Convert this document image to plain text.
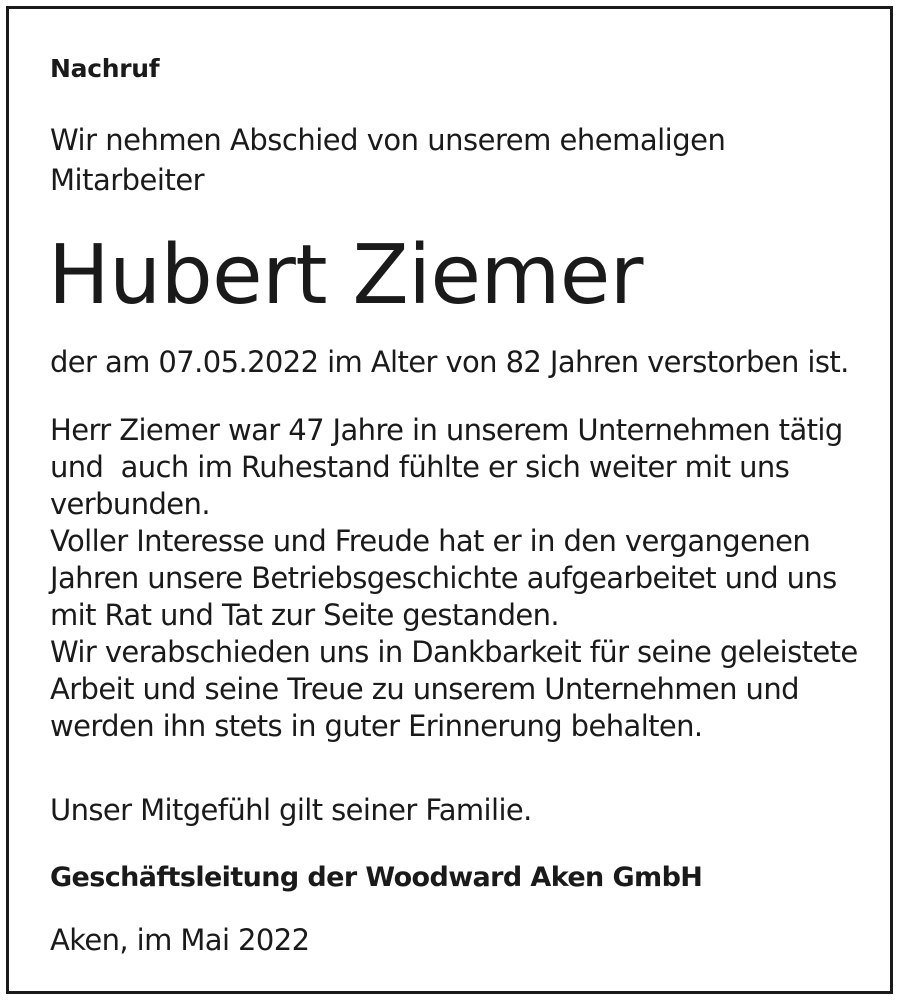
Nachruf
Wir nehmen Abschied von unserem ehemaligen
Mitarbeiter
Hubert Ziemer
der am 07.05.2022 im Alter von 82 Jahren verstorben ist.
Herr Ziemer war 47 Jahre in unserem Unternehmen tätig
und  auch im Ruhestand fühlte er sich weiter mit uns
verbunden.
Voller Interesse und Freude hat er in den vergangenen
Jahren unsere Betriebsgeschichte aufgearbeitet und uns
mit Rat und Tat zur Seite gestanden.
Wir verabschieden uns in Dankbarkeit für seine geleistete
Arbeit und seine Treue zu unserem Unternehmen und
werden ihn stets in guter Erinnerung behalten.
Unser Mitgefühl gilt seiner Familie.
Geschäftsleitung der Woodward Aken GmbH
Aken, im Mai 2022
